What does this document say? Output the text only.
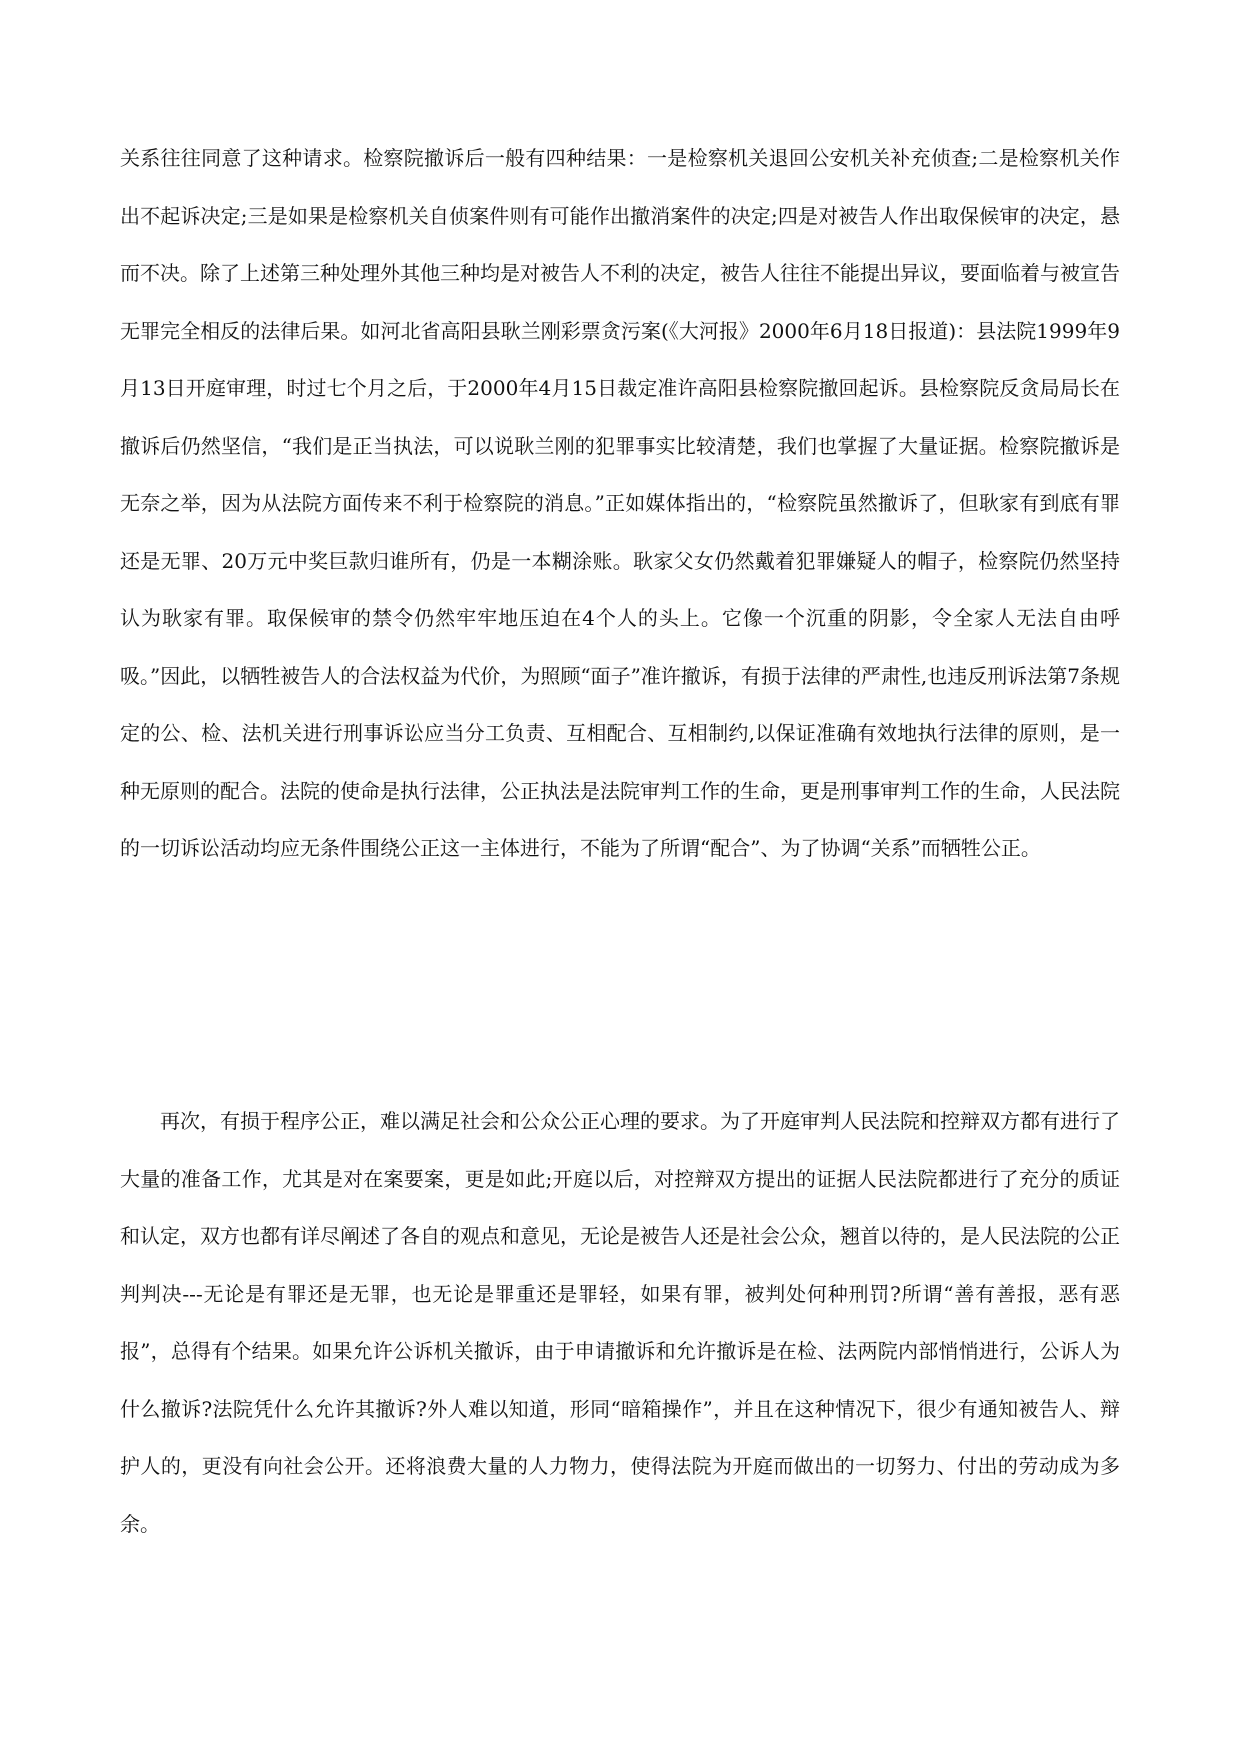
关系往往同意了这种请求。检察院撤诉后一般有四种结果：一是检察机关退回公安机关补充侦查;二是检察机关作出不起诉决定;三是如果是检察机关自侦案件则有可能作出撤消案件的决定;四是对被告人作出取保候审的决定，悬而不决。除了上述第三种处理外其他三种均是对被告人不利的决定，被告人往往不能提出异议，要面临着与被宣告无罪完全相反的法律后果。如河北省高阳县耿兰刚彩票贪污案(《大河报》2000年6月18日报道)：县法院1999年9月13日开庭审理，时过七个月之后，于2000年4月15日裁定准许高阳县检察院撤回起诉。县检察院反贪局局长在撤诉后仍然坚信，“我们是正当执法，可以说耿兰刚的犯罪事实比较清楚，我们也掌握了大量证据。检察院撤诉是无奈之举，因为从法院方面传来不利于检察院的消息。”正如媒体指出的，“检察院虽然撤诉了，但耿家有到底有罪还是无罪、20万元中奖巨款归谁所有，仍是一本糊涂账。耿家父女仍然戴着犯罪嫌疑人的帽子，检察院仍然坚持认为耿家有罪。取保候审的禁令仍然牢牢地压迫在4个人的头上。它像一个沉重的阴影，令全家人无法自由呼吸。”因此，以牺牲被告人的合法权益为代价，为照顾“面子”准许撤诉，有损于法律的严肃性,也违反刑诉法第7条规定的公、检、法机关进行刑事诉讼应当分工负责、互相配合、互相制约,以保证准确有效地执行法律的原则，是一种无原则的配合。法院的使命是执行法律，公正执法是法院审判工作的生命，更是刑事审判工作的生命，人民法院的一切诉讼活动均应无条件围绕公正这一主体进行，不能为了所谓“配合”、为了协调“关系”而牺牲公正。

再次，有损于程序公正，难以满足社会和公众公正心理的要求。为了开庭审判人民法院和控辩双方都有进行了大量的准备工作，尤其是对在案要案，更是如此;开庭以后，对控辩双方提出的证据人民法院都进行了充分的质证和认定，双方也都有详尽阐述了各自的观点和意见，无论是被告人还是社会公众，翘首以待的，是人民法院的公正判判决---无论是有罪还是无罪，也无论是罪重还是罪轻，如果有罪，被判处何种刑罚?所谓“善有善报，恶有恶报”，总得有个结果。如果允许公诉机关撤诉，由于申请撤诉和允许撤诉是在检、法两院内部悄悄进行，公诉人为什么撤诉?法院凭什么允许其撤诉?外人难以知道，形同“暗箱操作”，并且在这种情况下，很少有通知被告人、辩护人的，更没有向社会公开。还将浪费大量的人力物力，使得法院为开庭而做出的一切努力、付出的劳动成为多余。
